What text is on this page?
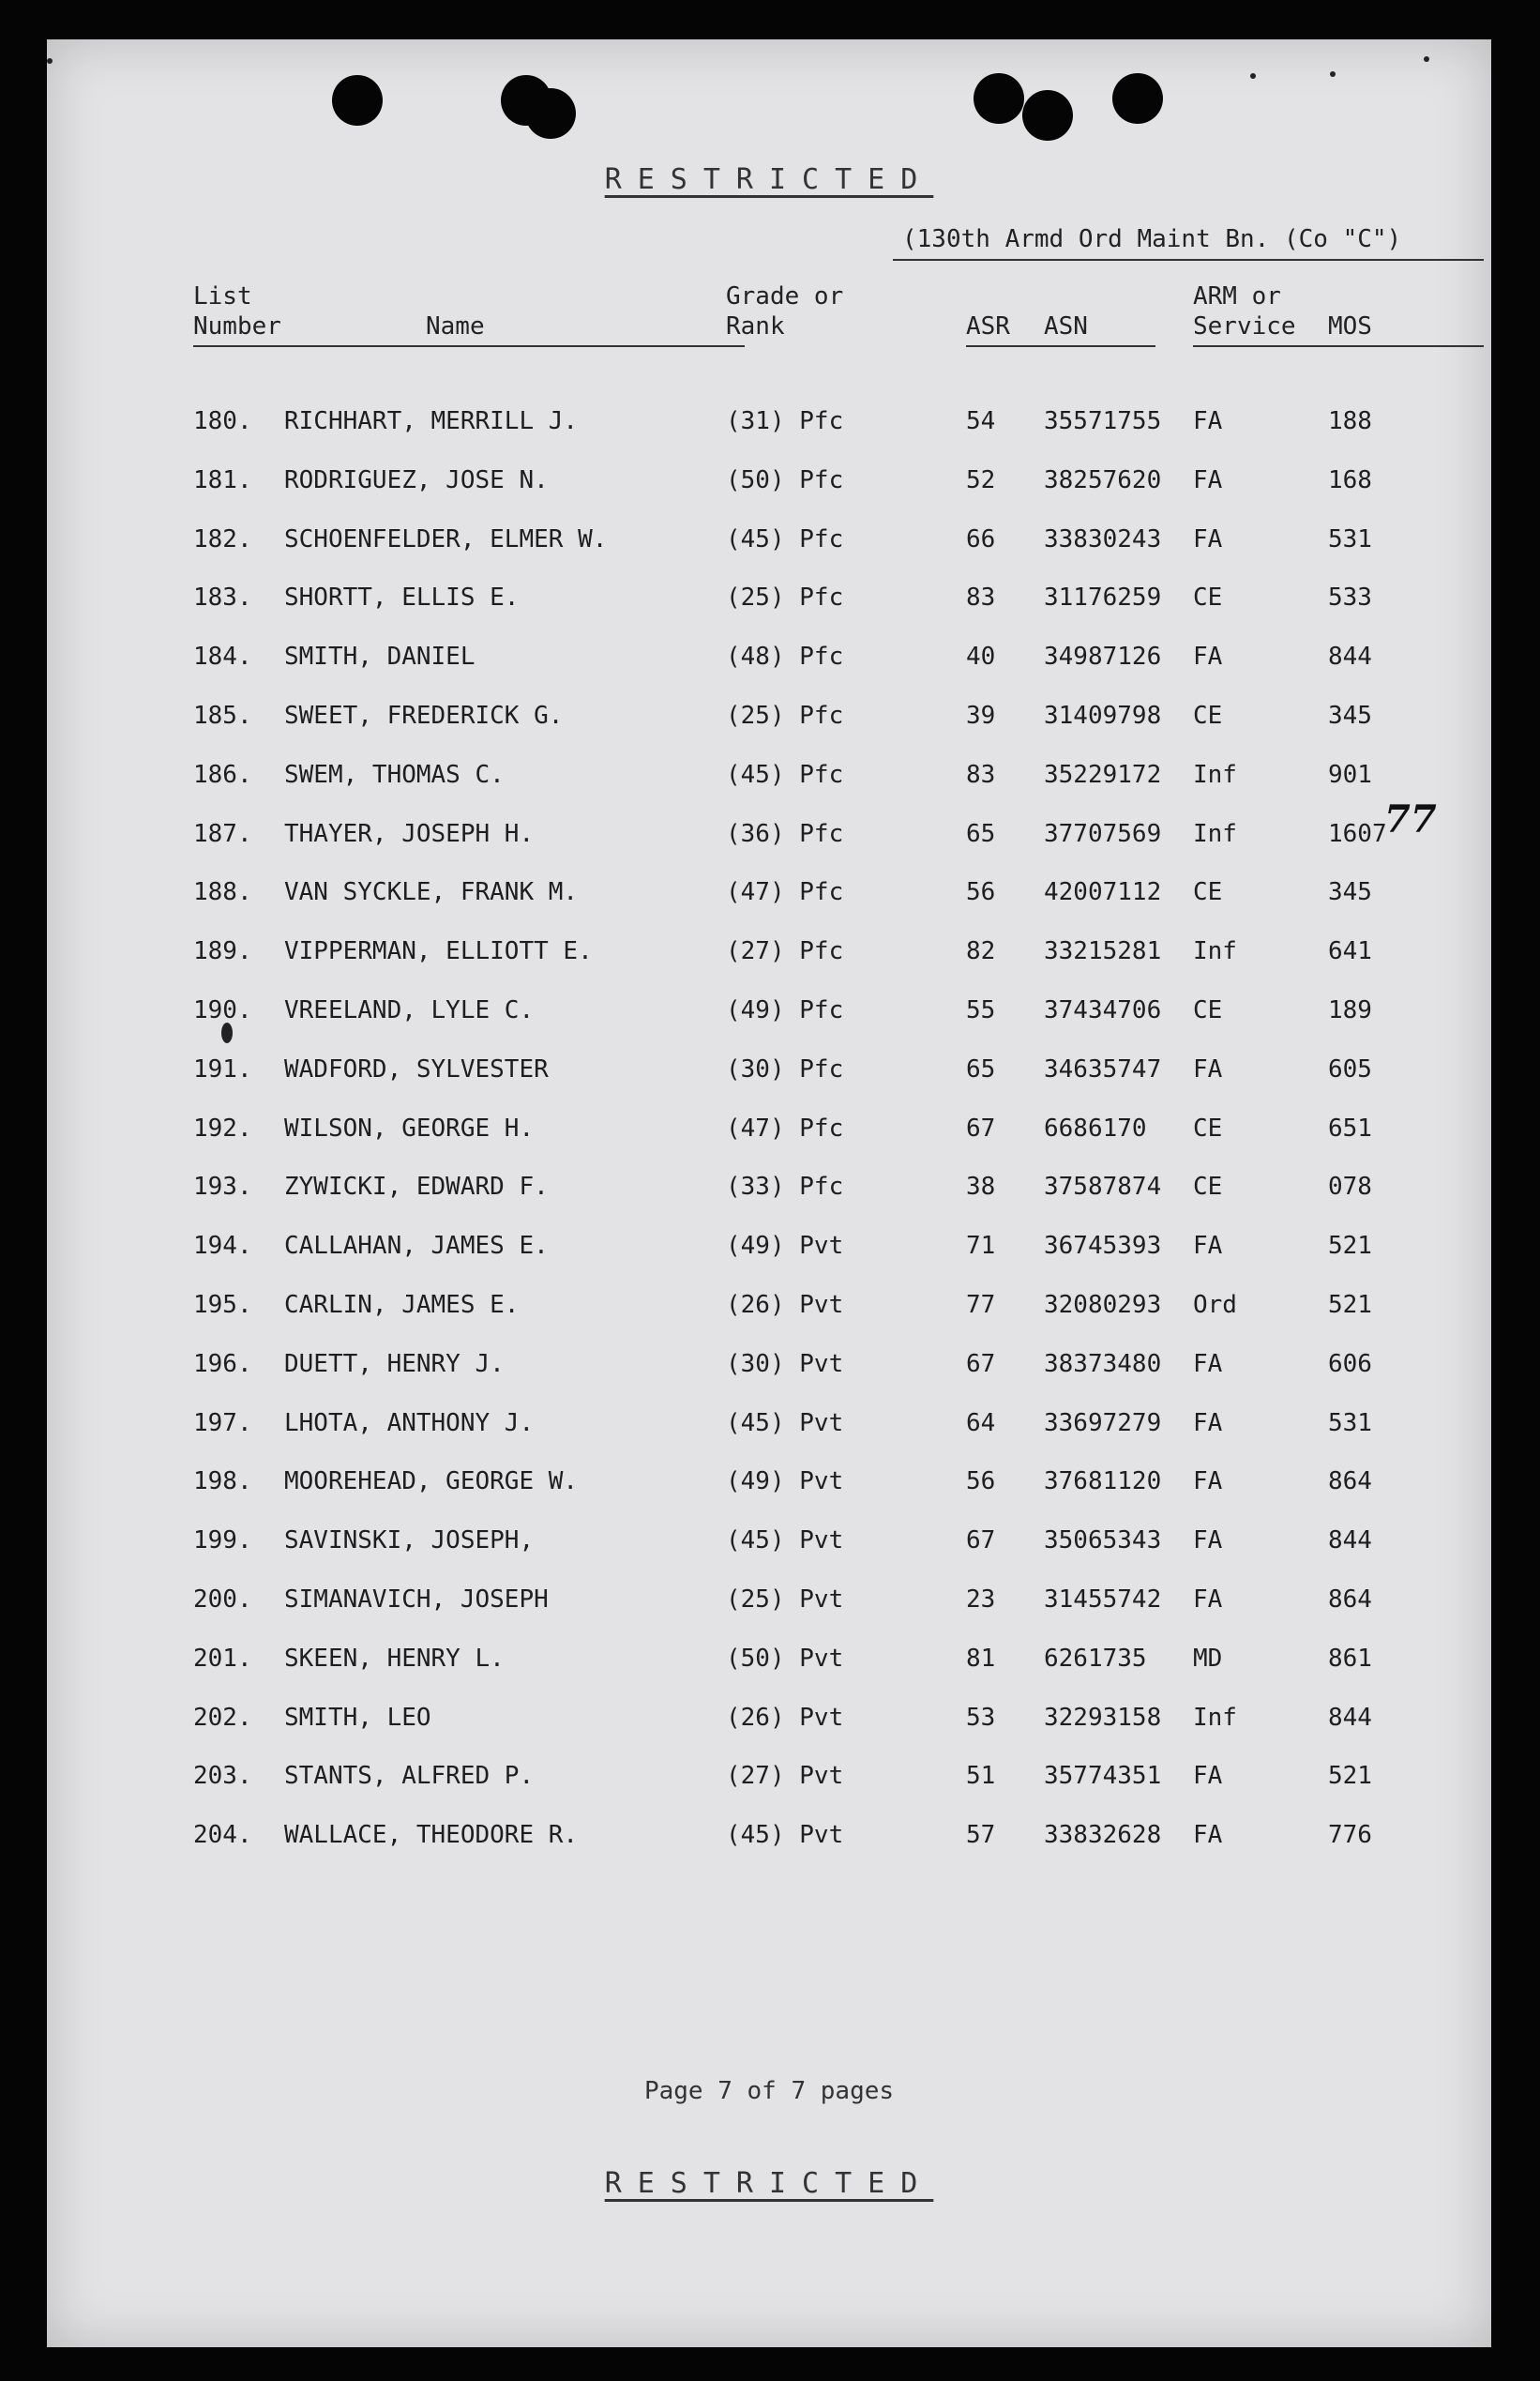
RESTRICTED
(130th Armd Ord Maint Bn. (Co "C")
List
Number	Name
Grade or
Rank	ASR ASN
ARM or
Service MOS
180. RICHHART, MERRILL J.	(31) Pfc	54 35571755 FA	188
181. RODRIGUEZ, JOSE N.	(50) Pfc	52 38257620 FA	168
182. SCHOENFELDER, ELMER W.	(45) Pfc	66 33830243 FA	531
183. SHORTT, ELLIS E.	(25) Pfc	83 31176259 CE	533
184. SMITH, DANIEL	(48) Pfc	40 34987126 FA	844
185. SWEET, FREDERICK G.	(25) Pfc	39 31409798 CE	345
186. SWEM, THOMAS C.	(45) Pfc	83 35229172 Inf	901
187. THAYER, JOSEPH H.	(36) Pfc	65 37707569 Inf	1607
188. VAN SYCKLE, FRANK M.	(47) Pfc	56 42007112 CE	345
189. VIPPERMAN, ELLIOTT E.	(27) Pfc	82 33215281 Inf	641
190. VREELAND, LYLE C.	(49) Pfc	55 37434706 CE	189
191. WADFORD, SYLVESTER	(30) Pfc	65 34635747 FA	605
192. WILSON, GEORGE H.	(47) Pfc	67 6686170 CE	651
193. ZYWICKI, EDWARD F.	(33) Pfc	38 37587874 CE	078
194. CALLAHAN, JAMES E.	(49) Pvt	71 36745393 FA	521
195. CARLIN, JAMES E.	(26) Pvt	77 32080293 Ord	521
196. DUETT, HENRY J.	(30) Pvt	67 38373480 FA	606
197. LHOTA, ANTHONY J.	(45) Pvt	64 33697279 FA	531
198. MOOREHEAD, GEORGE W.	(49) Pvt	56 37681120 FA	864
199. SAVINSKI, JOSEPH,	(45) Pvt	67 35065343 FA	844
200. SIMANAVICH, JOSEPH	(25) Pvt	23 31455742 FA	864
201. SKEEN, HENRY L.	(50) Pvt	81 6261735 MD	861
202. SMITH, LEO	(26) Pvt	53 32293158 Inf	844
203. STANTS, ALFRED P.	(27) Pvt	51 35774351 FA	521
204. WALLACE, THEODORE R.	(45) Pvt	57 33832628 FA	776
77
Page 7 of 7 pages
RESTRICTED
